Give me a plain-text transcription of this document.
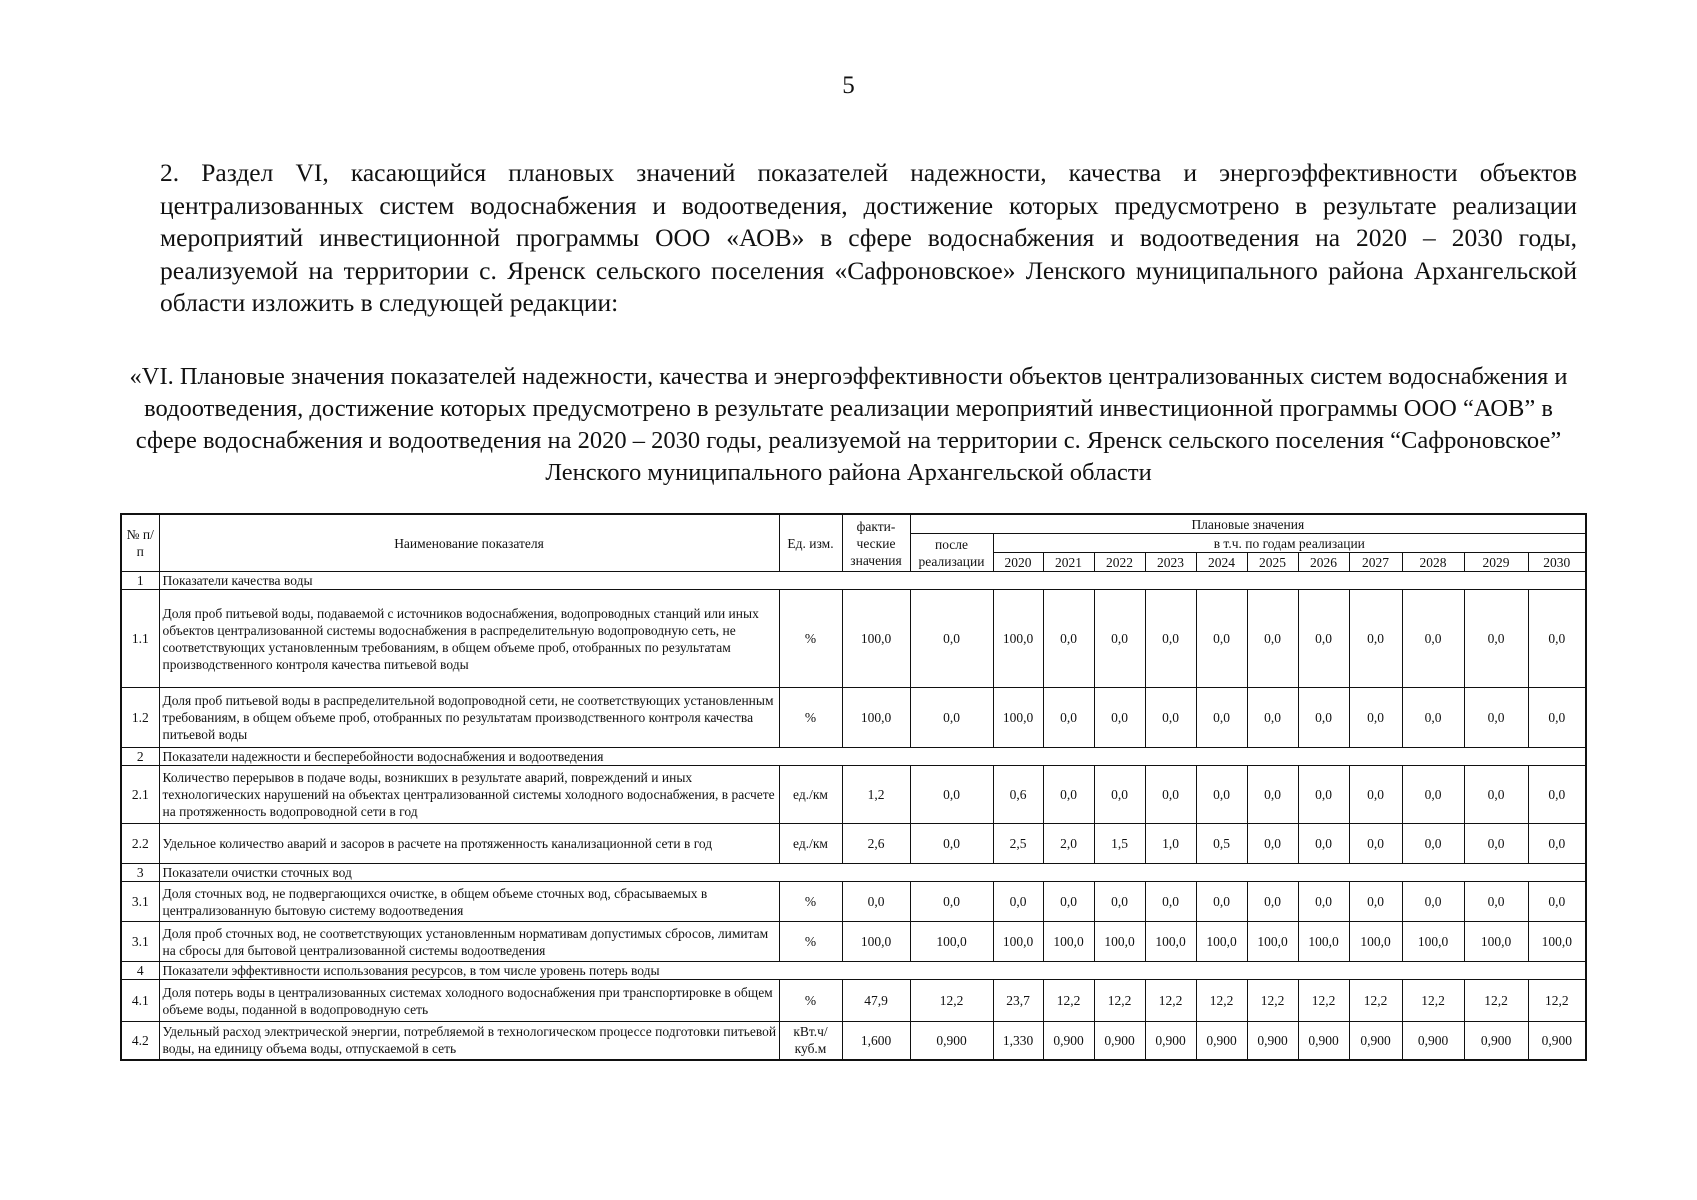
5
2. Раздел VI, касающийся плановых значений показателей надежности, качества и энергоэффективности объектов централизованных систем водоснабжения и водоотведения, достижение которых предусмотрено в результате реализации мероприятий инвестиционной программы ООО «АОВ» в сфере водоснабжения и водоотведения на 2020 – 2030 годы, реализуемой на территории с. Яренск сельского поселения «Сафроновское» Ленского муниципального района Архангельской области изложить в следующей редакции:
«VI. Плановые значения показателей надежности, качества и энергоэффективности объектов централизованных систем водоснабжения и водоотведения, достижение которых предусмотрено в результате реализации мероприятий инвестиционной программы ООО “АОВ” в сфере водоснабжения и водоотведения на 2020 – 2030 годы, реализуемой на территории с. Яренск сельского поселения “Сафроновское” Ленского муниципального района Архангельской области
№ п/п	Наименование показателя	Ед. изм.	факти-ческие значения	Плановые значения											
				после реализации	в т.ч. по годам реализации										
					2020	2021	2022	2023	2024	2025	2026	2027	2028	2029	2030
1	Показатели качества воды														
1.1	Доля проб питьевой воды, подаваемой с источников водоснабжения, водопроводных станций или иных объектов централизованной системы водоснабжения в распределительную водопроводную сеть, не соответствующих установленным требованиям, в общем объеме проб, отобранных по результатам производственного контроля качества питьевой воды	%	100,0	0,0	100,0	0,0	0,0	0,0	0,0	0,0	0,0	0,0	0,0	0,0	0,0
1.2	Доля проб питьевой воды в распределительной водопроводной сети, не соответствующих установленным требованиям, в общем объеме проб, отобранных по результатам производственного контроля качества питьевой воды	%	100,0	0,0	100,0	0,0	0,0	0,0	0,0	0,0	0,0	0,0	0,0	0,0	0,0
2	Показатели надежности и бесперебойности водоснабжения и водоотведения														
2.1	Количество перерывов в подаче воды, возникших в результате аварий, повреждений и иных технологических нарушений на объектах централизованной системы холодного водоснабжения, в расчете на протяженность водопроводной сети в год	ед./км	1,2	0,0	0,6	0,0	0,0	0,0	0,0	0,0	0,0	0,0	0,0	0,0	0,0
2.2	Удельное количество аварий и засоров в расчете на протяженность канализационной сети в год	ед./км	2,6	0,0	2,5	2,0	1,5	1,0	0,5	0,0	0,0	0,0	0,0	0,0	0,0
3	Показатели очистки сточных вод														
3.1	Доля сточных вод, не подвергающихся очистке, в общем объеме сточных вод, сбрасываемых в централизованную бытовую систему водоотведения	%	0,0	0,0	0,0	0,0	0,0	0,0	0,0	0,0	0,0	0,0	0,0	0,0	0,0
3.1	Доля проб сточных вод, не соответствующих установленным нормативам допустимых сбросов, лимитам на сбросы для бытовой централизованной системы водоотведения	%	100,0	100,0	100,0	100,0	100,0	100,0	100,0	100,0	100,0	100,0	100,0	100,0	100,0
4	Показатели эффективности использования ресурсов, в том числе уровень потерь воды														
4.1	Доля потерь воды в централизованных системах холодного водоснабжения при транспортировке в общем объеме воды, поданной в водопроводную сеть	%	47,9	12,2	23,7	12,2	12,2	12,2	12,2	12,2	12,2	12,2	12,2	12,2	12,2
4.2	Удельный расход электрической энергии, потребляемой в технологическом процессе подготовки питьевой воды, на единицу объема воды, отпускаемой в сеть	кВт.ч/куб.м	1,600	0,900	1,330	0,900	0,900	0,900	0,900	0,900	0,900	0,900	0,900	0,900	0,900
